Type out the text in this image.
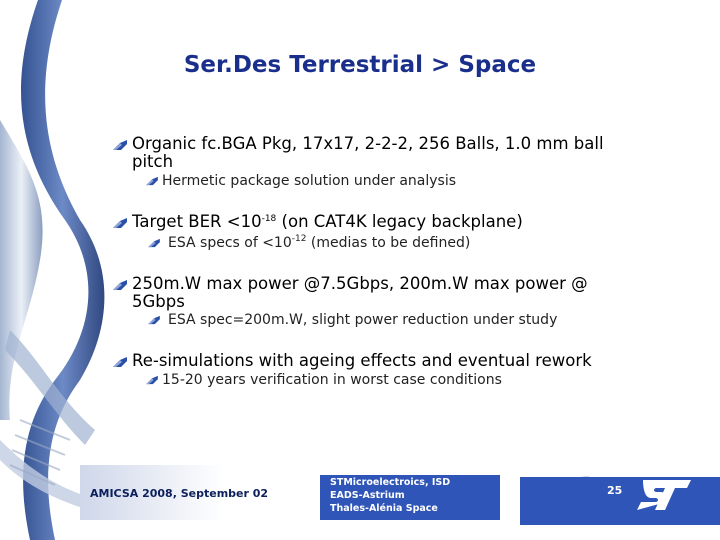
Ser.Des Terrestrial > Space
Organic fc.BGA Pkg, 17x17, 2-2-2, 256 Balls, 1.0 mm ball
pitch
Hermetic package solution under analysis
Target BER $<10^{-18}$ (on CAT4K legacy backplane)
ESA specs of $<10^{-12}$ (medias to be defined)
250m.W max power @7.5Gbps, 200m.W max power @
5Gbps
ESA spec=200m.W, slight power reduction under study
Re-simulations with ageing effects and eventual rework
15-20 years verification in worst case conditions
AMICSA 2008, September 02
STMicroelectroics, ISD
EADS-Astrium
Thales-Alénia Space
25
